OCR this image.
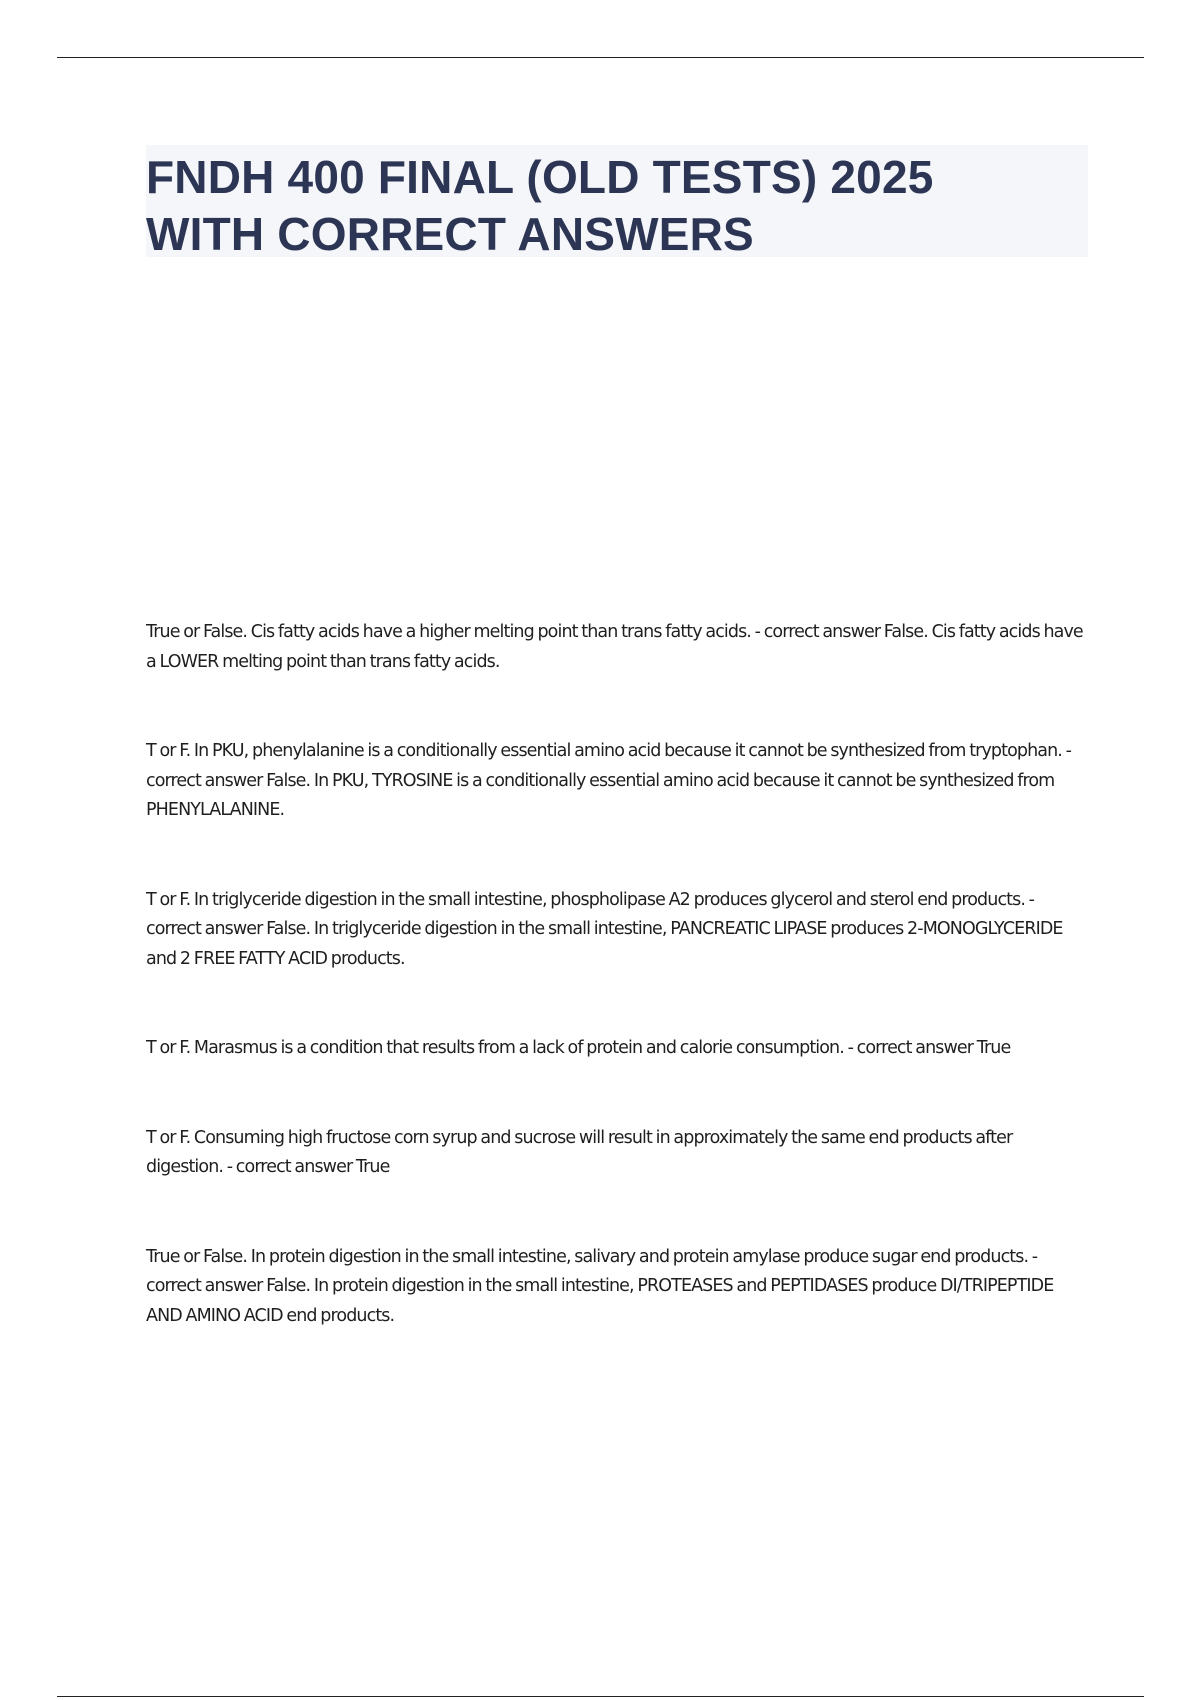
FNDH 400 FINAL (OLD TESTS) 2025
WITH CORRECT ANSWERS

True or False. Cis fatty acids have a higher melting point than trans fatty acids. - correct answer False. Cis fatty acids have a LOWER melting point than trans fatty acids.

T or F. In PKU, phenylalanine is a conditionally essential amino acid because it cannot be synthesized from tryptophan. - correct answer False. In PKU, TYROSINE is a conditionally essential amino acid because it cannot be synthesized from PHENYLALANINE.

T or F. In triglyceride digestion in the small intestine, phospholipase A2 produces glycerol and sterol end products. - correct answer False. In triglyceride digestion in the small intestine, PANCREATIC LIPASE produces 2-MONOGLYCERIDE and 2 FREE FATTY ACID products.

T or F. Marasmus is a condition that results from a lack of protein and calorie consumption. - correct answer True

T or F. Consuming high fructose corn syrup and sucrose will result in approximately the same end products after digestion. - correct answer True

True or False. In protein digestion in the small intestine, salivary and protein amylase produce sugar end products. - correct answer False. In protein digestion in the small intestine, PROTEASES and PEPTIDASES produce DI/TRIPEPTIDE AND AMINO ACID end products.
